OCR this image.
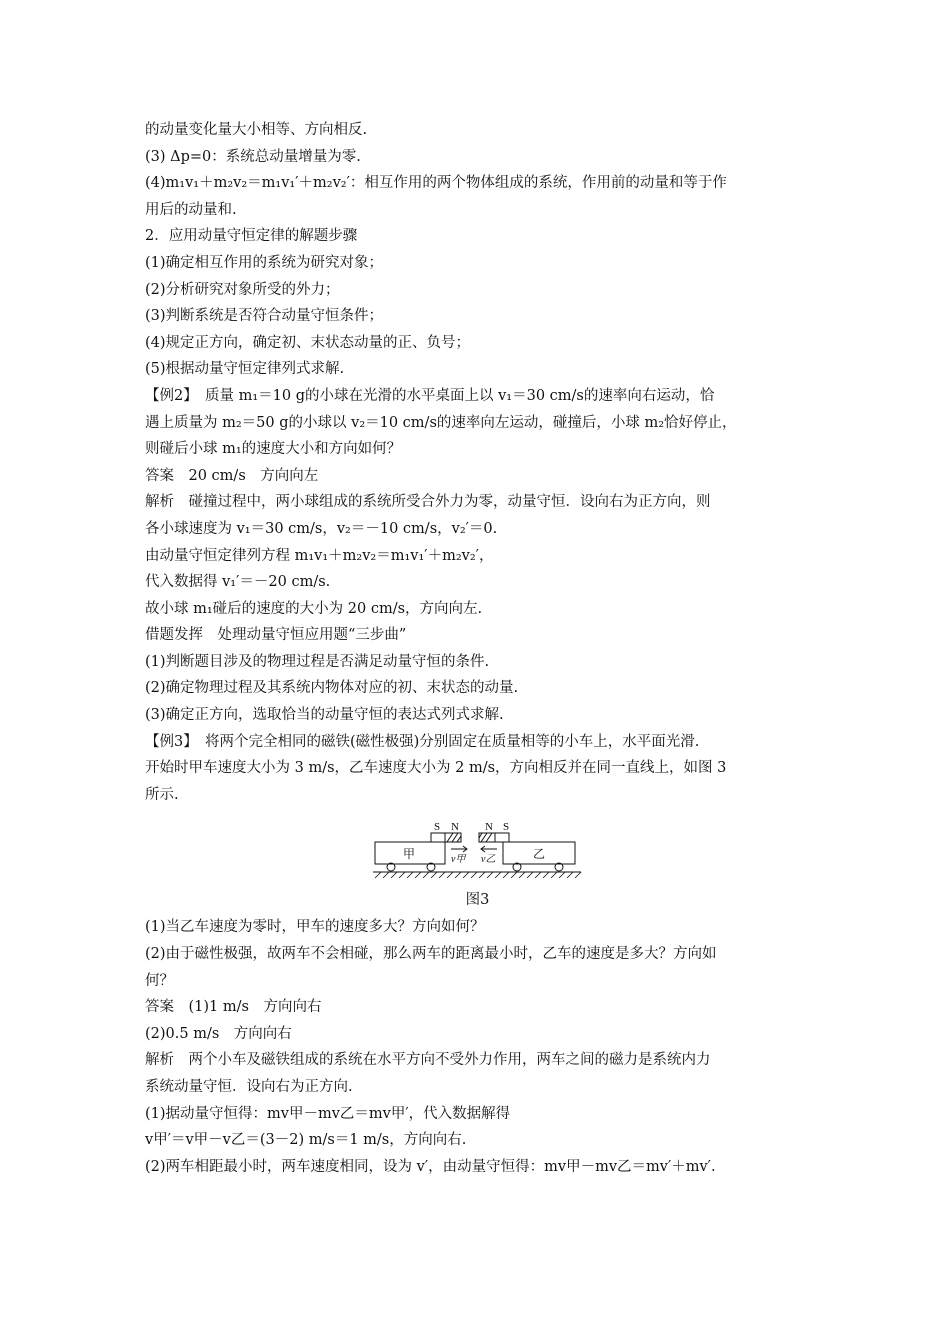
的动量变化量大小相等、方向相反.
(3) Δp=0：系统总动量增量为零.
(4)m₁v₁＋m₂v₂＝m₁v₁′＋m₂v₂′：相互作用的两个物体组成的系统，作用前的动量和等于作
用后的动量和.
2．应用动量守恒定律的解题步骤
(1)确定相互作用的系统为研究对象；
(2)分析研究对象所受的外力；
(3)判断系统是否符合动量守恒条件；
(4)规定正方向，确定初、末状态动量的正、负号；
(5)根据动量守恒定律列式求解.
【例2】　质量 m₁＝10 g的小球在光滑的水平桌面上以 v₁＝30 cm/s的速率向右运动，恰
遇上质量为 m₂＝50 g的小球以 v₂＝10 cm/s的速率向左运动，碰撞后，小球 m₂恰好停止，
则碰后小球 m₁的速度大小和方向如何？
答案　20 cm/s　方向向左
解析　碰撞过程中，两小球组成的系统所受合外力为零，动量守恒．设向右为正方向，则
各小球速度为 v₁＝30 cm/s，v₂＝－10 cm/s，v₂′＝0.
由动量守恒定律列方程 m₁v₁＋m₂v₂＝m₁v₁′＋m₂v₂′，
代入数据得 v₁′＝－20 cm/s.
故小球 m₁碰后的速度的大小为 20 cm/s，方向向左.
借题发挥　处理动量守恒应用题“三步曲”
(1)判断题目涉及的物理过程是否满足动量守恒的条件.
(2)确定物理过程及其系统内物体对应的初、末状态的动量.
(3)确定正方向，选取恰当的动量守恒的表达式列式求解.
【例3】　将两个完全相同的磁铁(磁性极强)分别固定在质量相等的小车上，水平面光滑.
开始时甲车速度大小为 3 m/s，乙车速度大小为 2 m/s，方向相反并在同一直线上，如图 3
所示.
S N N S
甲	v甲	乙
v乙
图3
(1)当乙车速度为零时，甲车的速度多大？方向如何？
(2)由于磁性极强，故两车不会相碰，那么两车的距离最小时，乙车的速度是多大？方向如
何？
答案　(1)1 m/s　方向向右
(2)0.5 m/s　方向向右
解析　两个小车及磁铁组成的系统在水平方向不受外力作用，两车之间的磁力是系统内力
系统动量守恒．设向右为正方向.
(1)据动量守恒得：mv甲－mv乙＝mv甲′，代入数据解得
v甲′＝v甲－v乙＝(3－2) m/s＝1 m/s，方向向右.
(2)两车相距最小时，两车速度相同，设为 v′，由动量守恒得：mv甲－mv乙＝mv′＋mv′.
